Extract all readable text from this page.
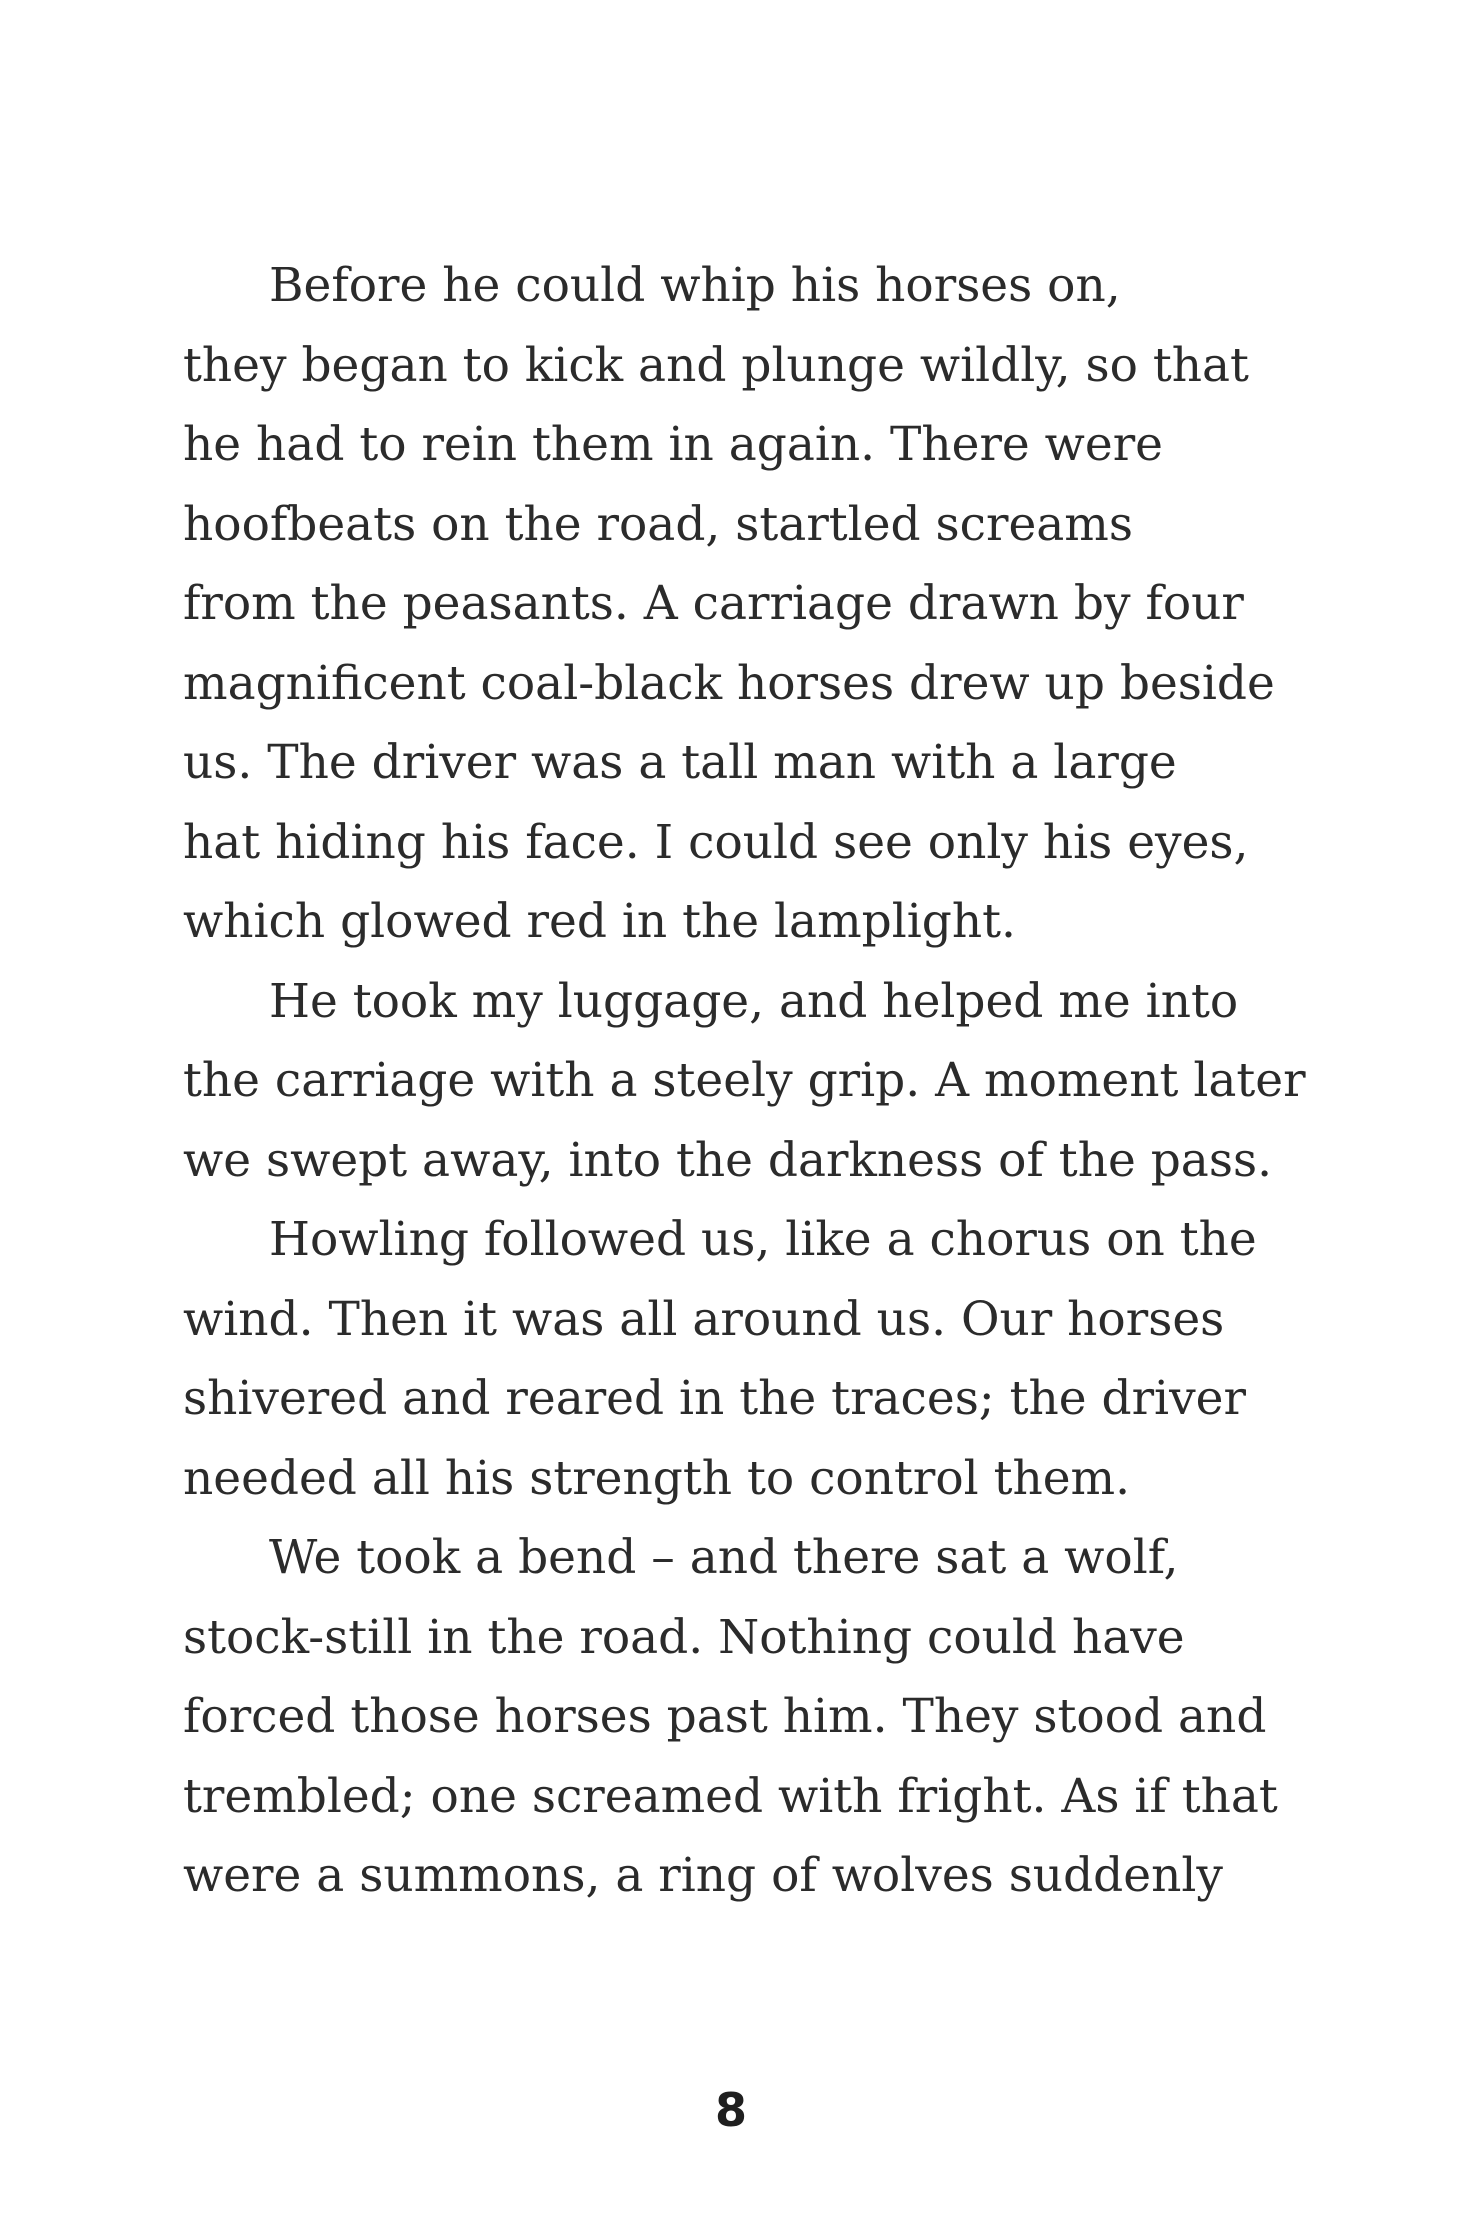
Before he could whip his horses on,
they began to kick and plunge wildly, so that
he had to rein them in again. There were
hoofbeats on the road, startled screams
from the peasants. A carriage drawn by four
magnificent coal-black horses drew up beside
us. The driver was a tall man with a large
hat hiding his face. I could see only his eyes,
which glowed red in the lamplight.

He took my luggage, and helped me into
the carriage with a steely grip. A moment later
we swept away, into the darkness of the pass.

Howling followed us, like a chorus on the
wind. Then it was all around us. Our horses
shivered and reared in the traces; the driver
needed all his strength to control them.

We took a bend – and there sat a wolf,
stock-still in the road. Nothing could have
forced those horses past him. They stood and
trembled; one screamed with fright. As if that
were a summons, a ring of wolves suddenly

8
